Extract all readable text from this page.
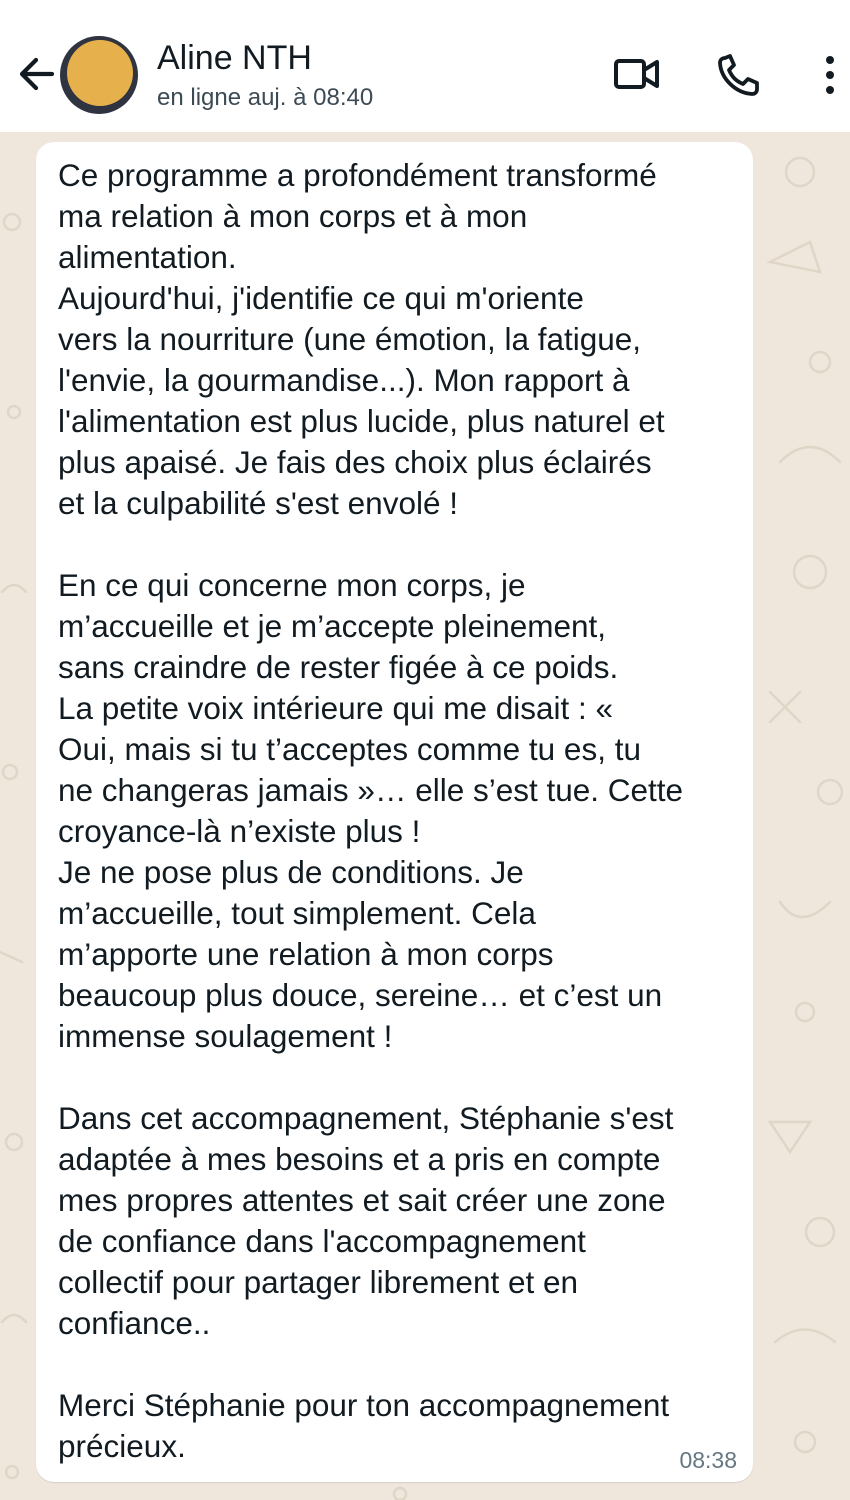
Aline NTH
en ligne auj. à 08:40

Ce programme a profondément transformé
ma relation à mon corps et à mon
alimentation.
Aujourd'hui, j'identifie ce qui m'oriente
vers la nourriture (une émotion, la fatigue,
l'envie, la gourmandise...). Mon rapport à
l'alimentation est plus lucide, plus naturel et
plus apaisé. Je fais des choix plus éclairés
et la culpabilité s'est envolé !

En ce qui concerne mon corps, je
m’accueille et je m’accepte pleinement,
sans craindre de rester figée à ce poids.
La petite voix intérieure qui me disait : «
Oui, mais si tu t’acceptes comme tu es, tu
ne changeras jamais »… elle s’est tue. Cette
croyance-là n’existe plus !
Je ne pose plus de conditions. Je
m’accueille, tout simplement. Cela
m’apporte une relation à mon corps
beaucoup plus douce, sereine… et c’est un
immense soulagement !

Dans cet accompagnement, Stéphanie s'est
adaptée à mes besoins et a pris en compte
mes propres attentes et sait créer une zone
de confiance dans l'accompagnement
collectif pour partager librement et en
confiance..

Merci Stéphanie pour ton accompagnement
précieux.	08:38
